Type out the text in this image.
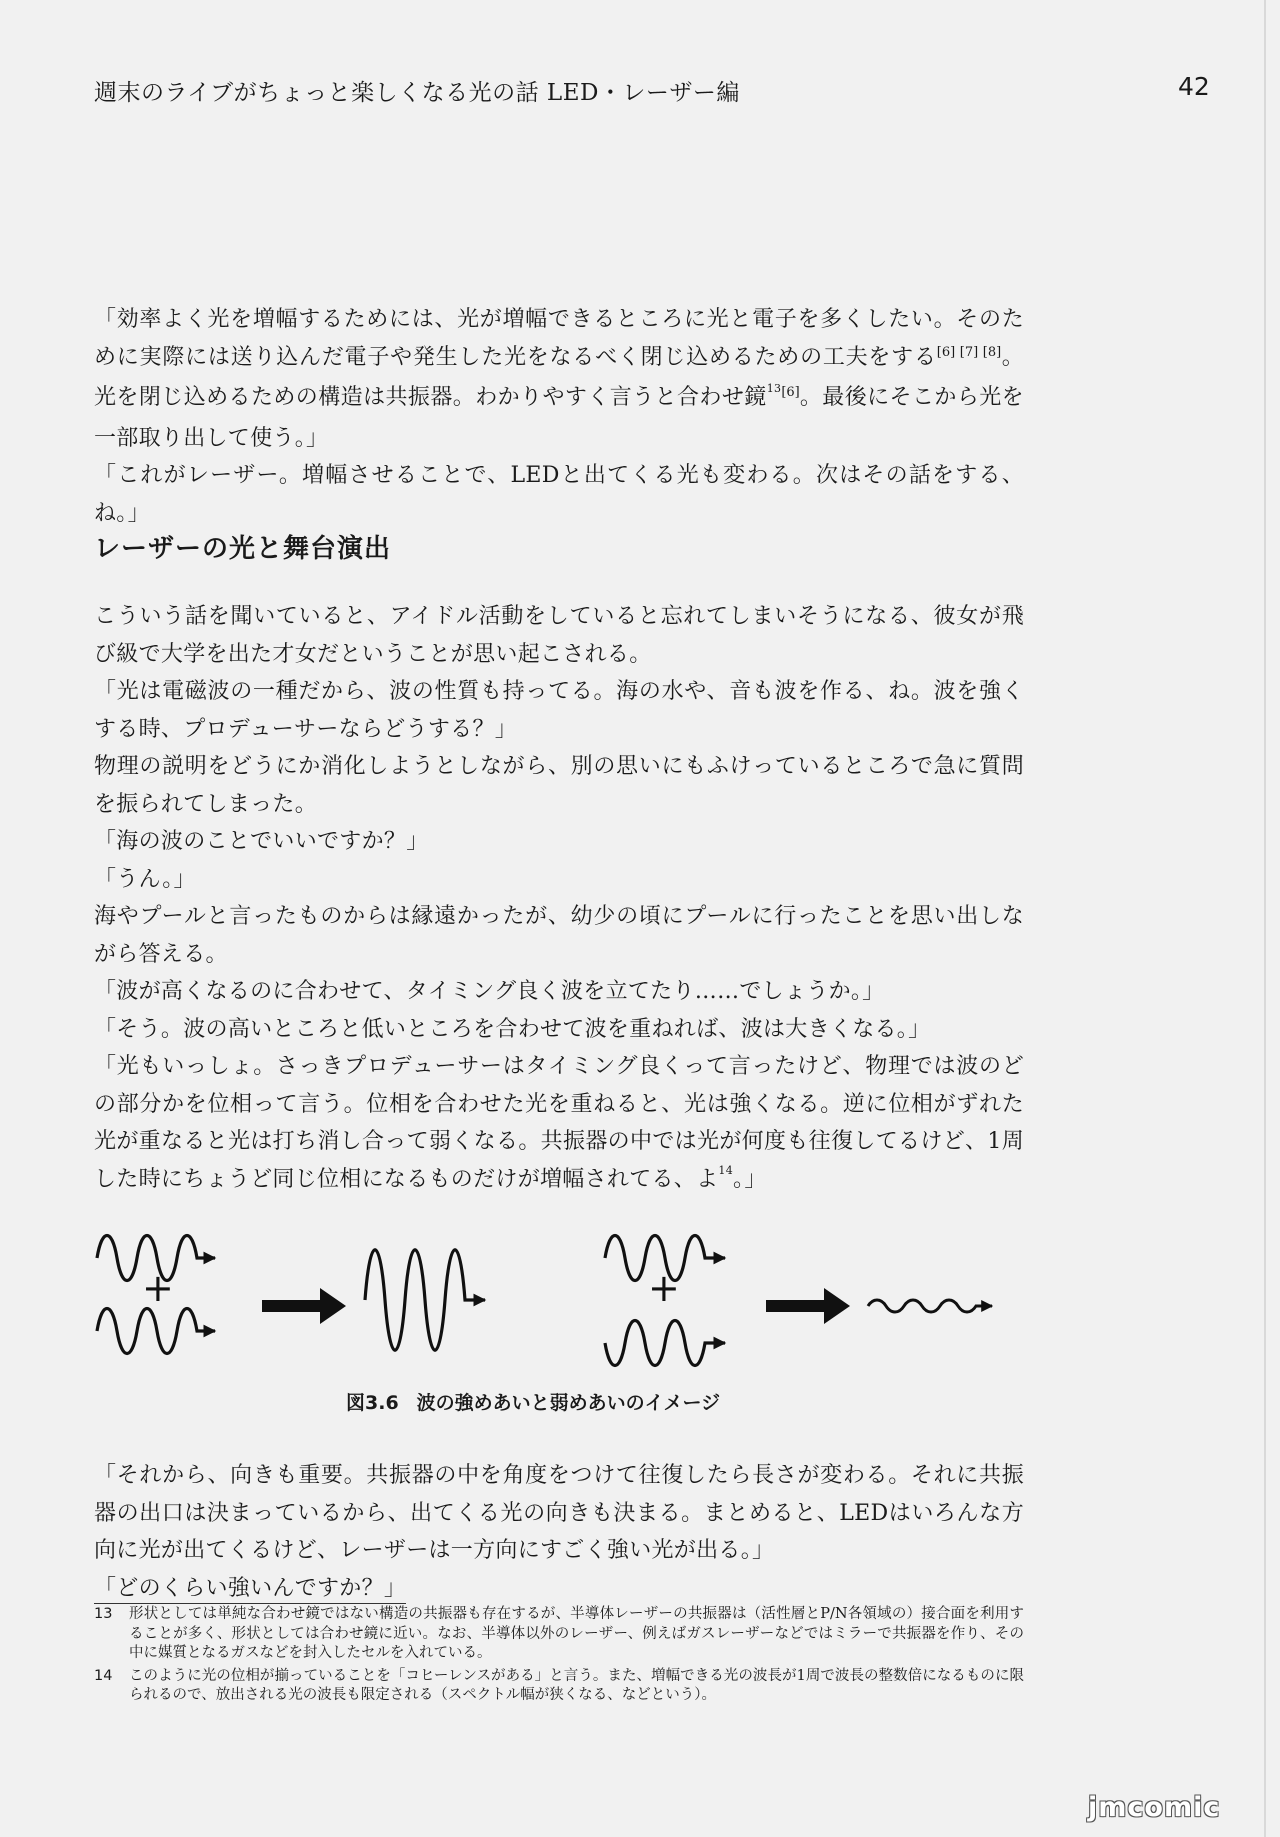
週末のライブがちょっと楽しくなる光の話 LED・レーザー編	42

「効率よく光を増幅するためには、光が増幅できるところに光と電子を多くしたい。そのために実際には送り込んだ電子や発生した光をなるべく閉じ込めるための工夫をする[6] [7] [8]。光を閉じ込めるための構造は共振器。わかりやすく言うと合わせ鏡$^{13[6]}$。最後にそこから光を一部取り出して使う。」

「これがレーザー。増幅させることで、LEDと出てくる光も変わる。次はその話をする、ね。」

レーザーの光と舞台演出

こういう話を聞いていると、アイドル活動をしていると忘れてしまいそうになる、彼女が飛び級で大学を出た才女だということが思い起こされる。

「光は電磁波の一種だから、波の性質も持ってる。海の水や、音も波を作る、ね。波を強くする時、プロデューサーならどうする？」

物理の説明をどうにか消化しようとしながら、別の思いにもふけっているところで急に質問を振られてしまった。

「海の波のことでいいですか？」

「うん。」

海やプールと言ったものからは縁遠かったが、幼少の頃にプールに行ったことを思い出しながら答える。

「波が高くなるのに合わせて、タイミング良く波を立てたり……でしょうか。」

「そう。波の高いところと低いところを合わせて波を重ねれば、波は大きくなる。」

「光もいっしょ。さっきプロデューサーはタイミング良くって言ったけど、物理では波のどの部分かを位相って言う。位相を合わせた光を重ねると、光は強くなる。逆に位相がずれた光が重なると光は打ち消し合って弱くなる。共振器の中では光が何度も往復してるけど、1周した時にちょうど同じ位相になるものだけが増幅されてる、よ$^{14}$。」

+	+
図3.6 波の強めあいと弱めあいのイメージ

「それから、向きも重要。共振器の中を角度をつけて往復したら長さが変わる。それに共振器の出口は決まっているから、出てくる光の向きも決まる。まとめると、LEDはいろんな方向に光が出てくるけど、レーザーは一方向にすごく強い光が出る。」

「どのくらい強いんですか？」

13	形状としては単純な合わせ鏡ではない構造の共振器も存在するが、半導体レーザーの共振器は（活性層とP/N各領域の）接合面を利用することが多く、形状としては合わせ鏡に近い。なお、半導体以外のレーザー、例えばガスレーザーなどではミラーで共振器を作り、その中に媒質となるガスなどを封入したセルを入れている。
14	このように光の位相が揃っていることを「コヒーレンスがある」と言う。また、増幅できる光の波長が1周で波長の整数倍になるものに限られるので、放出される光の波長も限定される（スペクトル幅が狭くなる、などという）。
jmcomic
